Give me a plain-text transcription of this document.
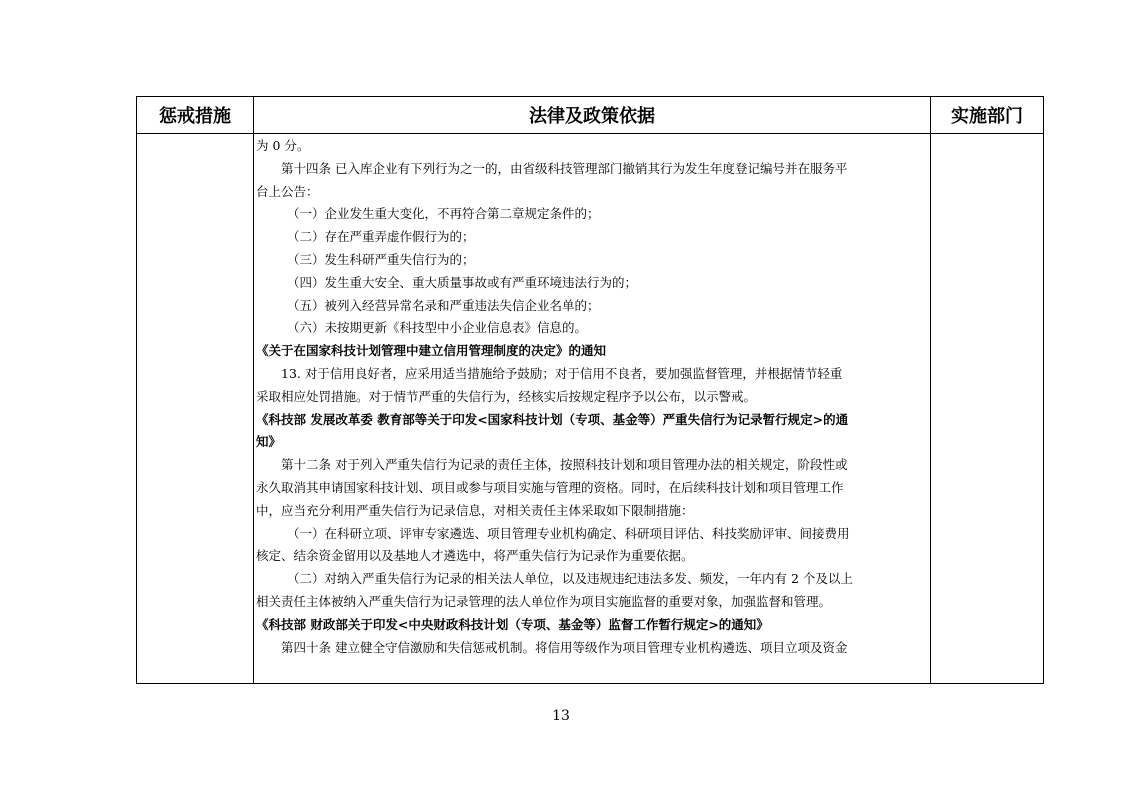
惩戒措施	法律及政策依据	实施部门
为 0 分。
第十四条 已入库企业有下列行为之一的，由省级科技管理部门撤销其行为发生年度登记编号并在服务平
台上公告：
（一）企业发生重大变化，不再符合第二章规定条件的；
（二）存在严重弄虚作假行为的；
（三）发生科研严重失信行为的；
（四）发生重大安全、重大质量事故或有严重环境违法行为的；
（五）被列入经营异常名录和严重违法失信企业名单的；
（六）未按期更新《科技型中小企业信息表》信息的。
《关于在国家科技计划管理中建立信用管理制度的决定》的通知
13. 对于信用良好者，应采用适当措施给予鼓励；对于信用不良者，要加强监督管理，并根据情节轻重
采取相应处罚措施。对于情节严重的失信行为，经核实后按规定程序予以公布，以示警戒。
《科技部 发展改革委 教育部等关于印发<国家科技计划（专项、基金等）严重失信行为记录暂行规定>的通
知》
第十二条 对于列入严重失信行为记录的责任主体，按照科技计划和项目管理办法的相关规定，阶段性或
永久取消其申请国家科技计划、项目或参与项目实施与管理的资格。同时，在后续科技计划和项目管理工作
中，应当充分利用严重失信行为记录信息，对相关责任主体采取如下限制措施：
（一）在科研立项、评审专家遴选、项目管理专业机构确定、科研项目评估、科技奖励评审、间接费用
核定、结余资金留用以及基地人才遴选中，将严重失信行为记录作为重要依据。
（二）对纳入严重失信行为记录的相关法人单位，以及违规违纪违法多发、频发，一年内有 2 个及以上
相关责任主体被纳入严重失信行为记录管理的法人单位作为项目实施监督的重要对象，加强监督和管理。
《科技部 财政部关于印发<中央财政科技计划（专项、基金等）监督工作暂行规定>的通知》
第四十条 建立健全守信激励和失信惩戒机制。将信用等级作为项目管理专业机构遴选、项目立项及资金
13
